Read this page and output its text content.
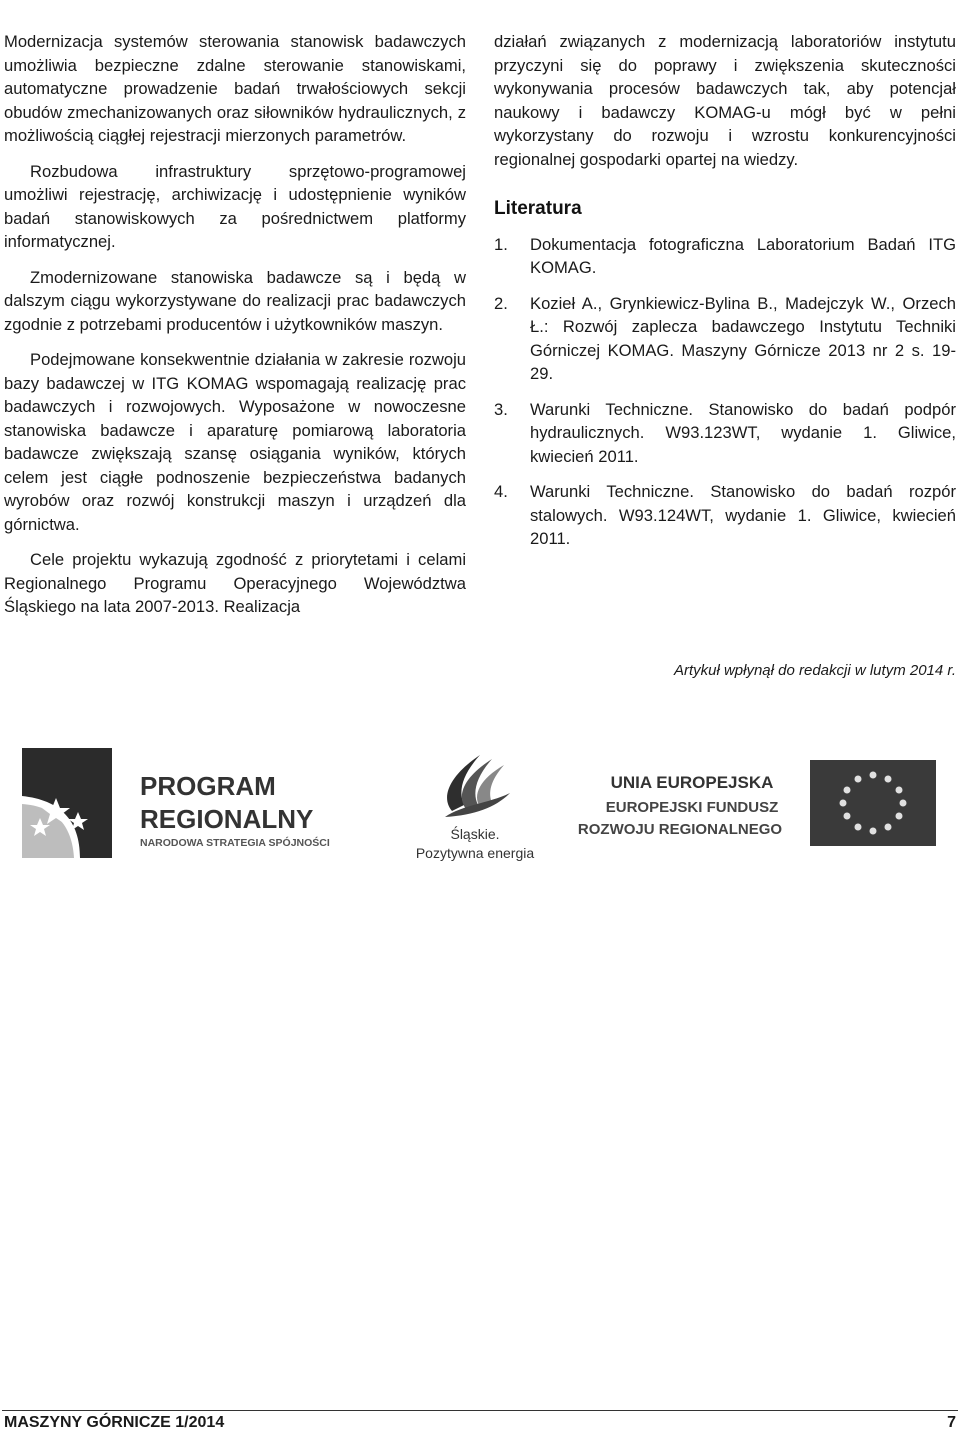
Modernizacja systemów sterowania stanowisk badawczych umożliwia bezpieczne zdalne sterowanie stanowiskami, automatyczne prowadzenie badań trwałościowych sekcji obudów zmechanizowanych oraz siłowników hydraulicznych, z możliwością ciągłej rejestracji mierzonych parametrów.

Rozbudowa infrastruktury sprzętowo-programowej umożliwi rejestrację, archiwizację i udostępnienie wyników badań stanowiskowych za pośrednictwem platformy informatycznej.

Zmodernizowane stanowiska badawcze są i będą w dalszym ciągu wykorzystywane do realizacji prac badawczych zgodnie z potrzebami producentów i użytkowników maszyn.

Podejmowane konsekwentnie działania w zakresie rozwoju bazy badawczej w ITG KOMAG wspomagają realizację prac badawczych i rozwojowych. Wyposażone w nowoczesne stanowiska badawcze i aparaturę pomiarową laboratoria badawcze zwiększają szansę osiągania wyników, których celem jest ciągłe podnoszenie bezpieczeństwa badanych wyrobów oraz rozwój konstrukcji maszyn i urządzeń dla górnictwa.

Cele projektu wykazują zgodność z priorytetami i celami Regionalnego Programu Operacyjnego Województwa Śląskiego na lata 2007-2013. Realizacja

działań związanych z modernizacją laboratoriów instytutu przyczyni się do poprawy i zwiększenia skuteczności wykonywania procesów badawczych tak, aby potencjał naukowy i badawczy KOMAG-u mógł być w pełni wykorzystany do rozwoju i wzrostu konkurencyjności regionalnej gospodarki opartej na wiedzy.

Literatura
1. Dokumentacja fotograficzna Laboratorium Badań ITG KOMAG.
2. Kozieł A., Grynkiewicz-Bylina B., Madejczyk W., Orzech Ł.: Rozwój zaplecza badawczego Instytutu Techniki Górniczej KOMAG. Maszyny Górnicze 2013 nr 2 s. 19-29.
3. Warunki Techniczne. Stanowisko do badań podpór hydraulicznych. W93.123WT, wydanie 1. Gliwice, kwiecień 2011.
4. Warunki Techniczne. Stanowisko do badań rozpór stalowych. W93.124WT, wydanie 1. Gliwice, kwiecień 2011.
Artykuł wpłynął do redakcji w lutym 2014 r.
PROGRAM
REGIONALNY
NARODOWA STRATEGIA SPÓJNOŚCI
Śląskie.
Pozytywna energia
UNIA EUROPEJSKA
EUROPEJSKI FUNDUSZ
ROZWOJU REGIONALNEGO
MASZYNY GÓRNICZE 1/2014	7
